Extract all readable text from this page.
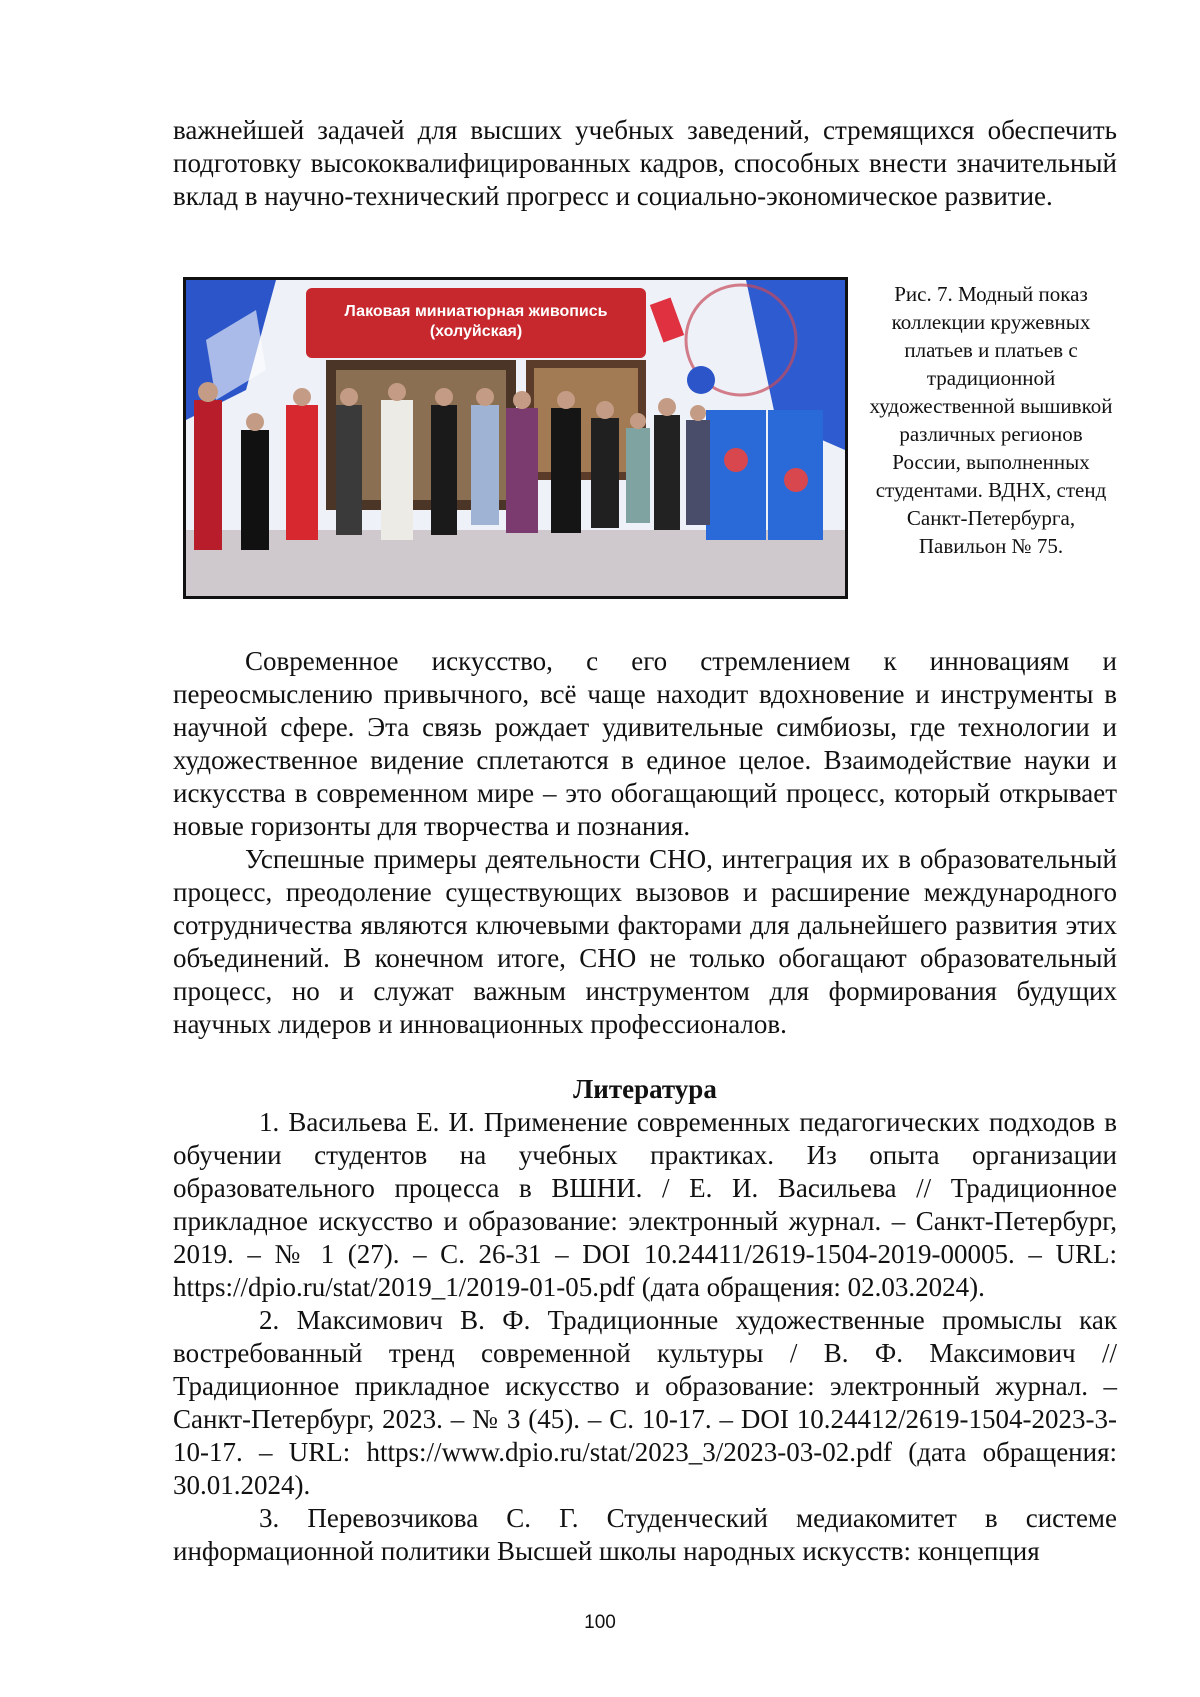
важнейшей задачей для высших учебных заведений, стремящихся обеспечить подготовку высококвалифицированных кадров, способных внести значительный вклад в научно-технический прогресс и социально-экономическое развитие.

Лаковая миниатюрная живопись
(холуйская)
Рис. 7. Модный показ коллекции кружевных платьев и платьев с традиционной художественной вышивкой различных регионов России, выполненных студентами. ВДНХ, стенд Санкт-Петербурга, Павильон № 75.

Современное искусство, с его стремлением к инновациям и переосмыслению привычного, всё чаще находит вдохновение и инструменты в научной сфере. Эта связь рождает удивительные симбиозы, где технологии и художественное видение сплетаются в единое целое. Взаимодействие науки и искусства в современном мире – это обогащающий процесс, который открывает новые горизонты для творчества и познания.

Успешные примеры деятельности СНО, интеграция их в образовательный процесс, преодоление существующих вызовов и расширение международного сотрудничества являются ключевыми факторами для дальнейшего развития этих объединений. В конечном итоге, СНО не только обогащают образовательный процесс, но и служат важным инструментом для формирования будущих научных лидеров и инновационных профессионалов.

Литература

1. Васильева Е. И. Применение современных педагогических подходов в обучении студентов на учебных практиках. Из опыта организации образовательного процесса в ВШНИ. / Е. И. Васильева // Традиционное прикладное искусство и образование: электронный журнал. – Санкт-Петербург, 2019. – № 1 (27). – С. 26-31 – DOI 10.24411/2619-1504-2019-00005. – URL: https://dpio.ru/stat/2019_1/2019-01-05.pdf (дата обращения: 02.03.2024).

2. Максимович В. Ф. Традиционные художественные промыслы как востребованный тренд современной культуры / В. Ф. Максимович // Традиционное прикладное искусство и образование: электронный журнал. – Санкт-Петербург, 2023. – № 3 (45). – С. 10-17. – DOI 10.24412/2619-1504-2023-3-10-17. – URL: https://www.dpio.ru/stat/2023_3/2023-03-02.pdf (дата обращения: 30.01.2024).

3. Перевозчикова С. Г. Студенческий медиакомитет в системе информационной политики Высшей школы народных искусств: концепция

100
